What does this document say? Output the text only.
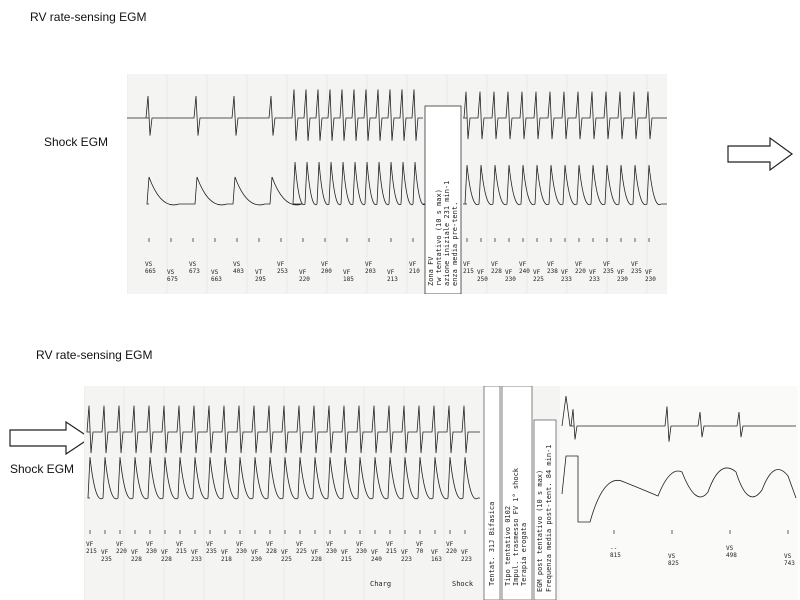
RV rate-sensing EGM
Shock EGM
RV rate-sensing EGM
Shock EGM
VS
665 VS
675
VS
673 VS
663
VS
403 VT
295
VF
253 VF
220
VF
200 VF
185
VF
203 VF
213
VF
210
VF
215 VF
250
VF
228 VF
230
VF
240 VF
225
VF
238 VF
233
VF
220 VF
233
VF
235 VF
230
VF
235 VF
230
Zona FV rw tentativo (10 s max) azione iniziale 231 min-1 enza media pre-tent.
VF
215 VF
235
VF
220 VF
228
VF
230 VF
228
VF
215 VF
233
VF
235 VF
218
VF
230 VF
230
VF
228 VF
225
VF
225 VF
228
VF
230 VF
215
VF
230 VF
240
VF
215 VF
223
VF
70 VF
163
VF
220 VF
223
--
815	VS
825
VS
498	VS
743
Charg	Shock Tentat. 31J Bifasica Tipo tentativo 0102 Impul. trasmesso FV 1° shock Terapia erogata EGM post tentativo (10 s max) Frequenza media post-tent. 84 min-1
